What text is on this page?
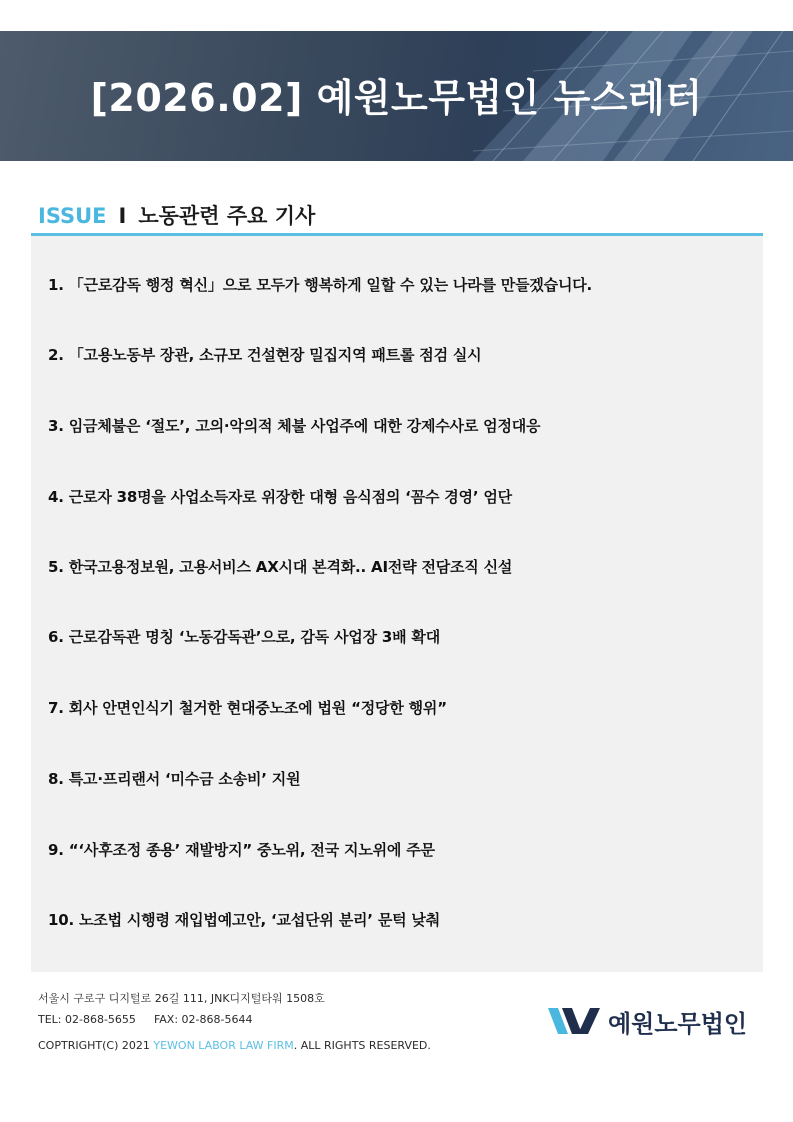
[2026.02] 예원노무법인 뉴스레터
ISSUE I 노동관련 주요 기사
1. 「근로감독 행정 혁신」으로 모두가 행복하게 일할 수 있는 나라를 만들겠습니다.
2. 「고용노동부 장관, 소규모 건설현장 밀집지역 패트롤 점검 실시
3. 임금체불은 ‘절도’, 고의·악의적 체불 사업주에 대한 강제수사로 엄정대응
4. 근로자 38명을 사업소득자로 위장한 대형 음식점의 ‘꼼수 경영’ 엄단
5. 한국고용정보원, 고용서비스 AX시대 본격화.. AI전략 전담조직 신설
6. 근로감독관 명칭 ‘노동감독관’으로, 감독 사업장 3배 확대
7. 회사 안면인식기 철거한 현대중노조에 법원 “정당한 행위”
8. 특고·프리랜서 ‘미수금 소송비’ 지원
9. “‘사후조정 종용’ 재발방지” 중노위, 전국 지노위에 주문
10. 노조법 시행령 재입법예고안, ‘교섭단위 분리’ 문턱 낮춰
서울시 구로구 디지털로 26길 111, JNK디지털타워 1508호
TEL: 02-868-5655 FAX: 02-868-5644
COPTRIGHT(C) 2021 YEWON LABOR LAW FIRM. ALL RIGHTS RESERVED.
예원노무법인
